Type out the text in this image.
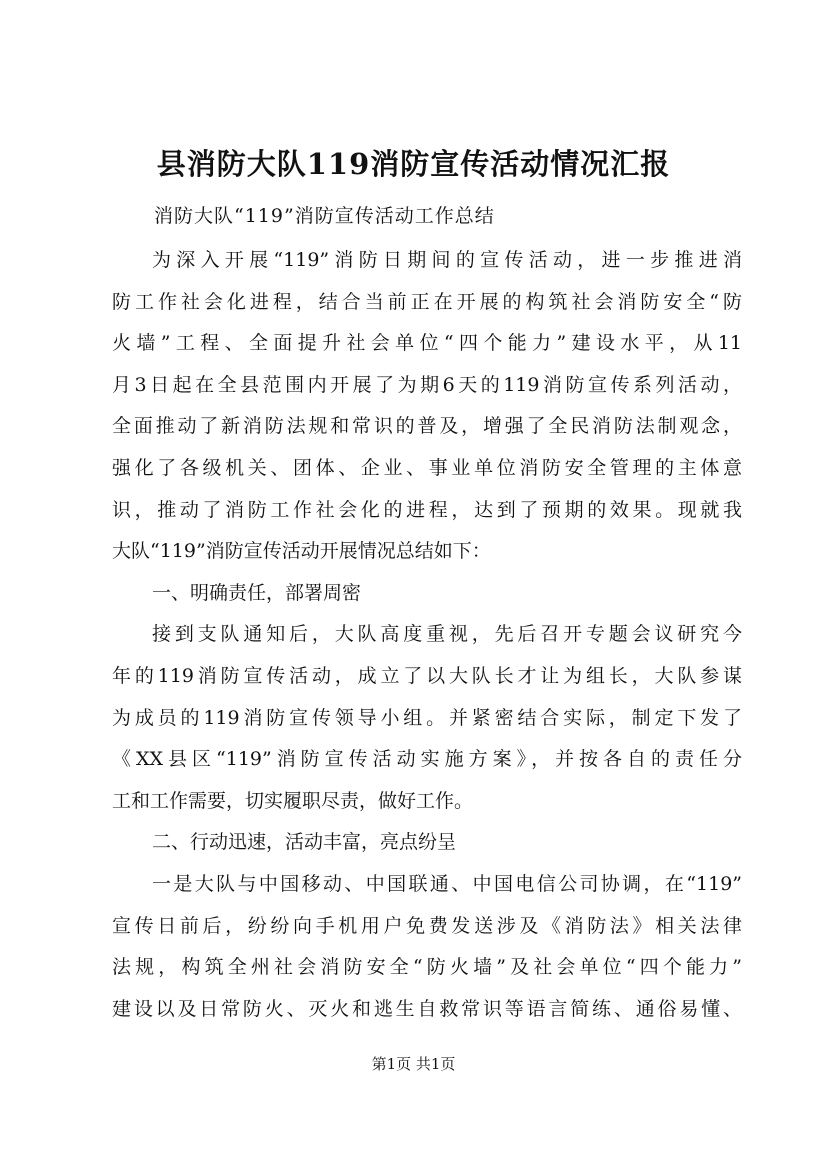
县消防大队119消防宣传活动情况汇报

消防大队“119”消防宣传活动工作总结

为深入开展“119”消防日期间的宣传活动，进一步推进消
防工作社会化进程，结合当前正在开展的构筑社会消防安全“防
火墙”工程、全面提升社会单位“四个能力”建设水平，从11
月3日起在全县范围内开展了为期6天的119消防宣传系列活动，
全面推动了新消防法规和常识的普及，增强了全民消防法制观念，
强化了各级机关、团体、企业、事业单位消防安全管理的主体意
识，推动了消防工作社会化的进程，达到了预期的效果。现就我
大队“119”消防宣传活动开展情况总结如下：
一、明确责任，部署周密
接到支队通知后，大队高度重视，先后召开专题会议研究今
年的119消防宣传活动，成立了以大队长才让为组长，大队参谋
为成员的119消防宣传领导小组。并紧密结合实际，制定下发了
《XX县区“119”消防宣传活动实施方案》，并按各自的责任分
工和工作需要，切实履职尽责，做好工作。
二、行动迅速，活动丰富，亮点纷呈
一是大队与中国移动、中国联通、中国电信公司协调，在“119”
宣传日前后，纷纷向手机用户免费发送涉及《消防法》相关法律
法规，构筑全州社会消防安全“防火墙”及社会单位“四个能力”
建设以及日常防火、灭火和逃生自救常识等语言简练、通俗易懂、

第1页 共1页
